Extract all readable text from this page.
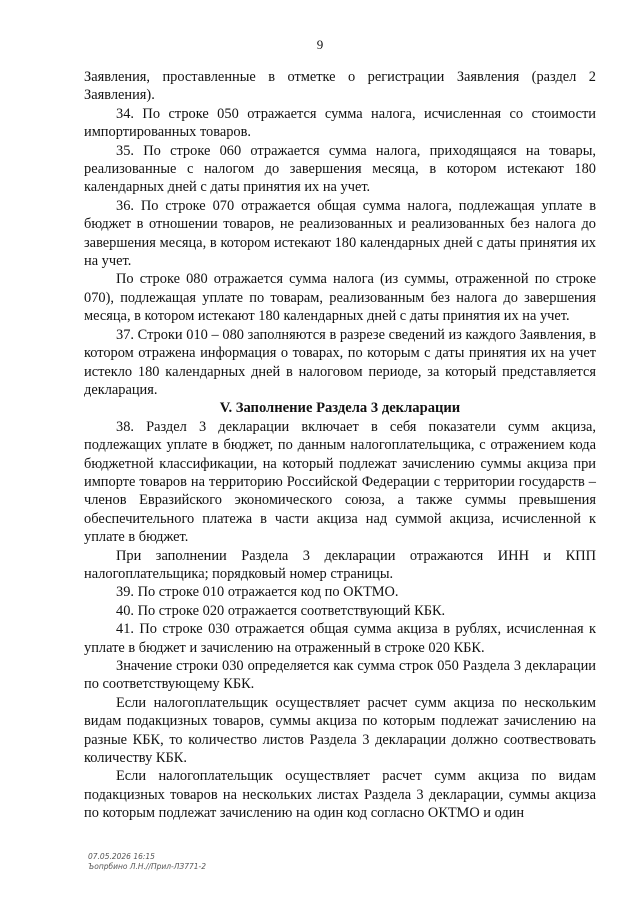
9

Заявления, проставленные в отметке о регистрации Заявления (раздел 2 Заявления).

34. По строке 050 отражается сумма налога, исчисленная со стоимости импортированных товаров.

35. По строке 060 отражается сумма налога, приходящаяся на товары, реализованные с налогом до завершения месяца, в котором истекают 180 календарных дней с даты принятия их на учет.

36. По строке 070 отражается общая сумма налога, подлежащая уплате в бюджет в отношении товаров, не реализованных и реализованных без налога до завершения месяца, в котором истекают 180 календарных дней с даты принятия их на учет.

По строке 080 отражается сумма налога (из суммы, отраженной по строке 070), подлежащая уплате по товарам, реализованным без налога до завершения месяца, в котором истекают 180 календарных дней с даты принятия их на учет.

37. Строки 010 – 080 заполняются в разрезе сведений из каждого Заявления, в котором отражена информация о товарах, по которым с даты принятия их на учет истекло 180 календарных дней в налоговом периоде, за который представляется декларация.

V. Заполнение Раздела 3 декларации

38. Раздел 3 декларации включает в себя показатели сумм акциза, подлежащих уплате в бюджет, по данным налогоплательщика, с отражением кода бюджетной классификации, на который подлежат зачислению суммы акциза при импорте товаров на территорию Российской Федерации с территории государств – членов Евразийского экономического союза, а также суммы превышения обеспечительного платежа в части акциза над суммой акциза, исчисленной к уплате в бюджет.

При заполнении Раздела 3 декларации отражаются ИНН и КПП налогоплательщика; порядковый номер страницы.

39. По строке 010 отражается код по ОКТМО.

40. По строке 020 отражается соответствующий КБК.

41. По строке 030 отражается общая сумма акциза в рублях, исчисленная к уплате в бюджет и зачислению на отраженный в строке 020 КБК.

Значение строки 030 определяется как сумма строк 050 Раздела 3 декларации по соответствующему КБК.

Если налогоплательщик осуществляет расчет сумм акциза по нескольким видам подакцизных товаров, суммы акциза по которым подлежат зачислению на разные КБК, то количество листов Раздела 3 декларации должно соотвествовать количеству КБК.

Если налогоплательщик осуществляет расчет сумм акциза по видам подакцизных товаров на нескольких листах Раздела 3 декларации, суммы акциза по которым подлежат зачислению на один код согласно ОКТМО и один

07.05.2026 16:15
Ъопрбино Л.Н.//Прил-ЛЗ771-2
